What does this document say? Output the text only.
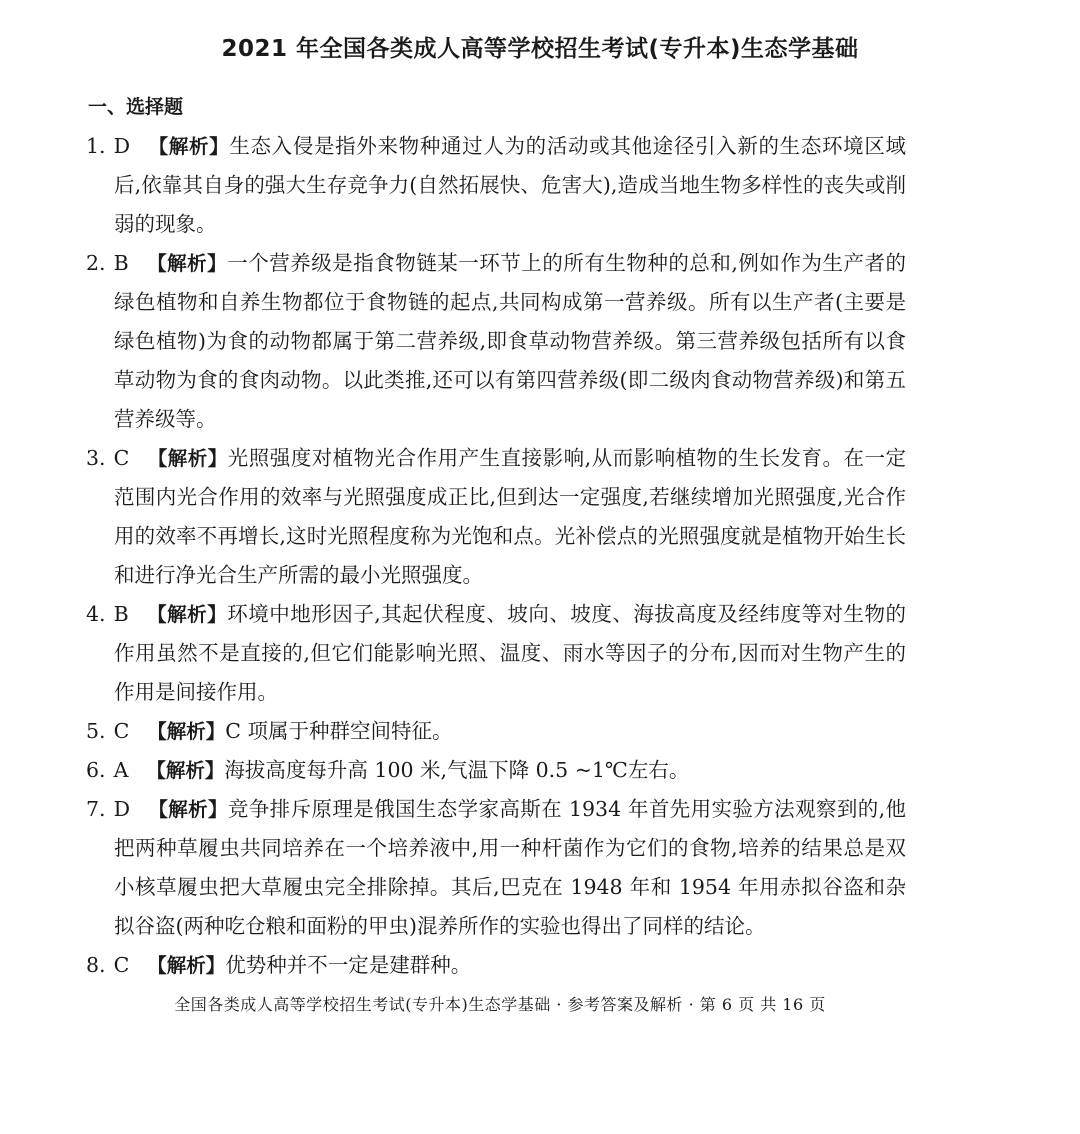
2021 年全国各类成人高等学校招生考试(专升本)生态学基础
一、选择题
1. D 【解析】生态入侵是指外来物种通过人为的活动或其他途径引入新的生态环境区域后,依靠其自身的强大生存竞争力(自然拓展快、危害大),造成当地生物多样性的丧失或削弱的现象。
2. B 【解析】一个营养级是指食物链某一环节上的所有生物种的总和,例如作为生产者的绿色植物和自养生物都位于食物链的起点,共同构成第一营养级。所有以生产者(主要是绿色植物)为食的动物都属于第二营养级,即食草动物营养级。第三营养级包括所有以食草动物为食的食肉动物。以此类推,还可以有第四营养级(即二级肉食动物营养级)和第五营养级等。
3. C 【解析】光照强度对植物光合作用产生直接影响,从而影响植物的生长发育。在一定范围内光合作用的效率与光照强度成正比,但到达一定强度,若继续增加光照强度,光合作用的效率不再增长,这时光照程度称为光饱和点。光补偿点的光照强度就是植物开始生长和进行净光合生产所需的最小光照强度。
4. B 【解析】环境中地形因子,其起伏程度、坡向、坡度、海拔高度及经纬度等对生物的作用虽然不是直接的,但它们能影响光照、温度、雨水等因子的分布,因而对生物产生的作用是间接作用。
5. C 【解析】C 项属于种群空间特征。
6. A 【解析】海拔高度每升高 100 米,气温下降 0.5 ~1℃左右。
7. D 【解析】竞争排斥原理是俄国生态学家高斯在 1934 年首先用实验方法观察到的,他把两种草履虫共同培养在一个培养液中,用一种杆菌作为它们的食物,培养的结果总是双小核草履虫把大草履虫完全排除掉。其后,巴克在 1948 年和 1954 年用赤拟谷盗和杂拟谷盗(两种吃仓粮和面粉的甲虫)混养所作的实验也得出了同样的结论。
8. C 【解析】优势种并不一定是建群种。
全国各类成人高等学校招生考试(专升本)生态学基础 · 参考答案及解析 · 第 6 页 共 16 页
